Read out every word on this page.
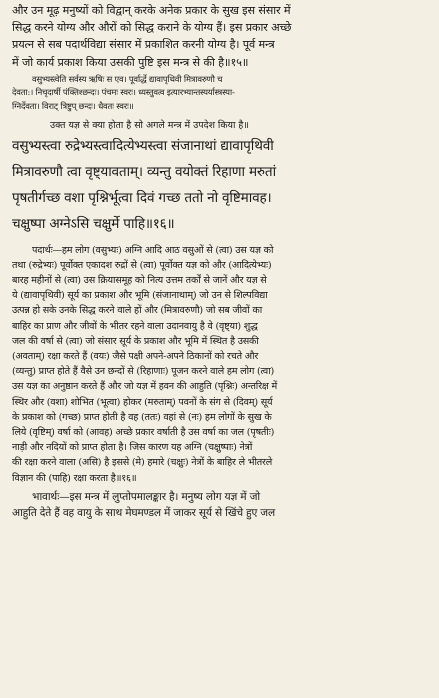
और उन मूढ़ मनुष्यों को विद्वान् करके अनेक प्रकार के सुख इस संसार में
सिद्ध करने योग्य और औरों को सिद्ध कराने के योग्य हैं। इस प्रकार अच्छे
प्रयत्न से सब पदार्थविद्या संसार में प्रकाशित करनी योग्य है। पूर्व मन्त्र
में जो कार्य प्रकाश किया उसकी पुष्टि इस मन्त्र से की है॥१५॥
वसुभ्यस्त्वेति सर्वस्य ऋषिः स एव। पूर्वार्द्धे द्यावापृथिवी मित्रावरुणौ च
देवता:। निचृदार्षी पंक्तिश्छन्दः। पंचमः स्वरः। ध्यस्तुवत्व इत्यारभ्यान्तस्यर्यास्त्रस्या-
ग्निर्देवता। विराट् त्रिष्टुप् छन्दः। धैवतः स्वरः॥
उक्त यज्ञ से क्या होता है सो अगले मन्त्र में उपदेश किया है॥
वसुभ्यस्त्वा रुद्रेभ्यस्त्वादित्येभ्यस्त्वा संजानाथां द्यावापृथिवी
मित्रावरुणौ त्वा वृष्ट्यावताम्। व्यन्तु वयोक्तं रिहाणा मरुतां
पृषतीर्गच्छ वशा पृश्निर्भूत्वा दिवं गच्छ ततो नो वृष्टिमावह।
चक्षुष्पा अग्नेऽसि चक्षुर्मे पाहि॥१६॥
पदार्थः—हम लोग (वसुभ्यः) अग्नि आदि आठ वसुओं से (त्वा) उस यज्ञ को
तथा (रुद्रेभ्यः) पूर्वोक्त एकादश रुद्रों से (त्वा) पूर्वोक्त यज्ञ को और (आदित्येभ्यः)
बारह महीनों से (त्वा) उस क्रियासमूह को नित्य उत्तम तर्कों से जानें और यज्ञ से
ये (द्यावापृथिवी) सूर्य का प्रकाश और भूमि (संजानाथाम्) जो उन से शिल्पविद्या
उत्पन्न हो सके उनके सिद्ध करने वाले हों और (मित्रावरुणौ) जो सब जीवों का
बाहिर का प्राण और जीवों के भीतर रहने वाला उदानवायु है वे (वृष्ट्या) शुद्ध
जल की वर्षा से (त्वा) जो संसार सूर्य के प्रकाश और भूमि में स्थित है उसकी
(अवताम्) रक्षा करते हैं (वयः) जैसे पक्षी अपने-अपने ठिकानों को रचते और
(व्यन्तु) प्राप्त होते हैं वैसे उन छन्दों से (रिहाणाः) पूजन करने वाले हम लोग (त्वा)
उस यज्ञ का अनुष्ठान करते हैं और जो यज्ञ में हवन की आहुति (पृश्निः) अन्तरिक्ष में
स्थिर और (वशा) शोभित (भूत्वा) होकर (मरुताम्) पवनों के संग से (दिवम्) सूर्य
के प्रकाश को (गच्छ) प्राप्त होती है वह (ततः) वहां से (नः) हम लोगों के सुख के
लिये (वृष्टिम्) वर्षा को (आवह) अच्छे प्रकार वर्षाती है उस वर्षा का जल (पृषतीः)
नाड़ी और नदियों को प्राप्त होता है। जिस कारण यह अग्नि (चक्षुष्पाः) नेत्रों
की रक्षा करने वाला (असि) है इससे (मे) हमारे (चक्षुः) नेत्रों के बाहिर ले भीतरले
विज्ञान की (पाहि) रक्षा करता है॥१६॥
भावार्थः—इस मन्त्र में लुप्तोपमालङ्कार है। मनुष्य लोग यज्ञ में जो
आहुति देते हैं वह वायु के साथ मेघमण्डल में जाकर सूर्य से खिंचे हुए जल
